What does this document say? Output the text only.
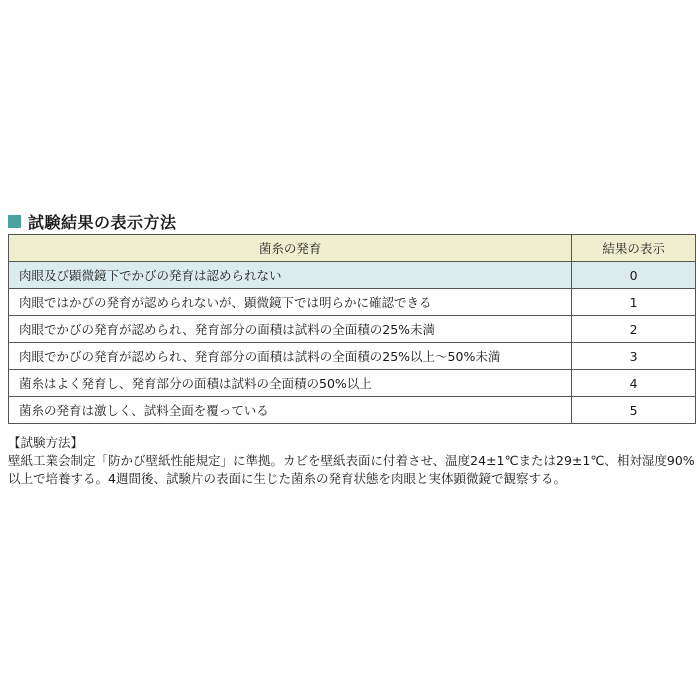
試験結果の表示方法
菌糸の発育	結果の表示
肉眼及び顕微鏡下でかびの発育は認められない	0
肉眼ではかびの発育が認められないが、顕微鏡下では明らかに確認できる	1
肉眼でかびの発育が認められ、発育部分の面積は試料の全面積の25%未満	2
肉眼でかびの発育が認められ、発育部分の面積は試料の全面積の25%以上～50%未満	3
菌糸はよく発育し、発育部分の面積は試料の全面積の50%以上	4
菌糸の発育は激しく、試料全面を覆っている	5

【試験方法】

壁紙工業会制定「防かび壁紙性能規定」に準拠。カビを壁紙表面に付着させ、温度24±1℃または29±1℃、相対湿度90%

以上で培養する。4週間後、試験片の表面に生じた菌糸の発育状態を肉眼と実体顕微鏡で観察する。
